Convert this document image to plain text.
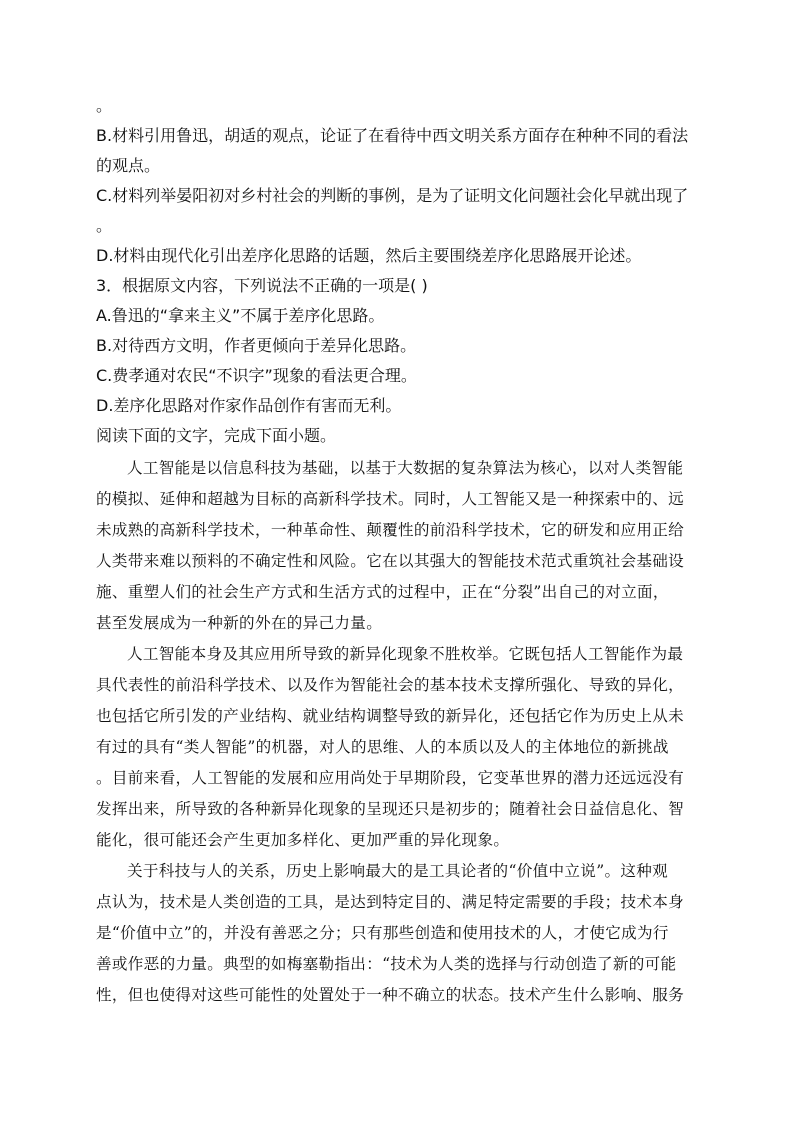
。
B.材料引用鲁迅，胡适的观点，论证了在看待中西文明关系方面存在种种不同的看法
的观点。
C.材料列举晏阳初对乡村社会的判断的事例，是为了证明文化问题社会化早就出现了
。
D.材料由现代化引出差序化思路的话题，然后主要围绕差序化思路展开论述。
3．根据原文内容，下列说法不正确的一项是( )
A.鲁迅的“拿来主义”不属于差序化思路。
B.对待西方文明，作者更倾向于差异化思路。
C.费孝通对农民“不识字”现象的看法更合理。
D.差序化思路对作家作品创作有害而无利。
阅读下面的文字，完成下面小题。
人工智能是以信息科技为基础，以基于大数据的复杂算法为核心，以对人类智能
的模拟、延伸和超越为目标的高新科学技术。同时，人工智能又是一种探索中的、远
未成熟的高新科学技术，一种革命性、颠覆性的前沿科学技术，它的研发和应用正给
人类带来难以预料的不确定性和风险。它在以其强大的智能技术范式重筑社会基础设
施、重塑人们的社会生产方式和生活方式的过程中，正在“分裂”出自己的对立面，
甚至发展成为一种新的外在的异己力量。
人工智能本身及其应用所导致的新异化现象不胜枚举。它既包括人工智能作为最
具代表性的前沿科学技术、以及作为智能社会的基本技术支撑所强化、导致的异化，
也包括它所引发的产业结构、就业结构调整导致的新异化，还包括它作为历史上从未
有过的具有“类人智能”的机器，对人的思维、人的本质以及人的主体地位的新挑战
。目前来看，人工智能的发展和应用尚处于早期阶段，它变革世界的潜力还远远没有
发挥出来，所导致的各种新异化现象的呈现还只是初步的；随着社会日益信息化、智
能化，很可能还会产生更加多样化、更加严重的异化现象。
关于科技与人的关系，历史上影响最大的是工具论者的“价值中立说”。这种观
点认为，技术是人类创造的工具，是达到特定目的、满足特定需要的手段；技术本身
是“价值中立”的，并没有善恶之分；只有那些创造和使用技术的人，才使它成为行
善或作恶的力量。典型的如梅塞勒指出：“技术为人类的选择与行动创造了新的可能
性，但也使得对这些可能性的处置处于一种不确立的状态。技术产生什么影响、服务
